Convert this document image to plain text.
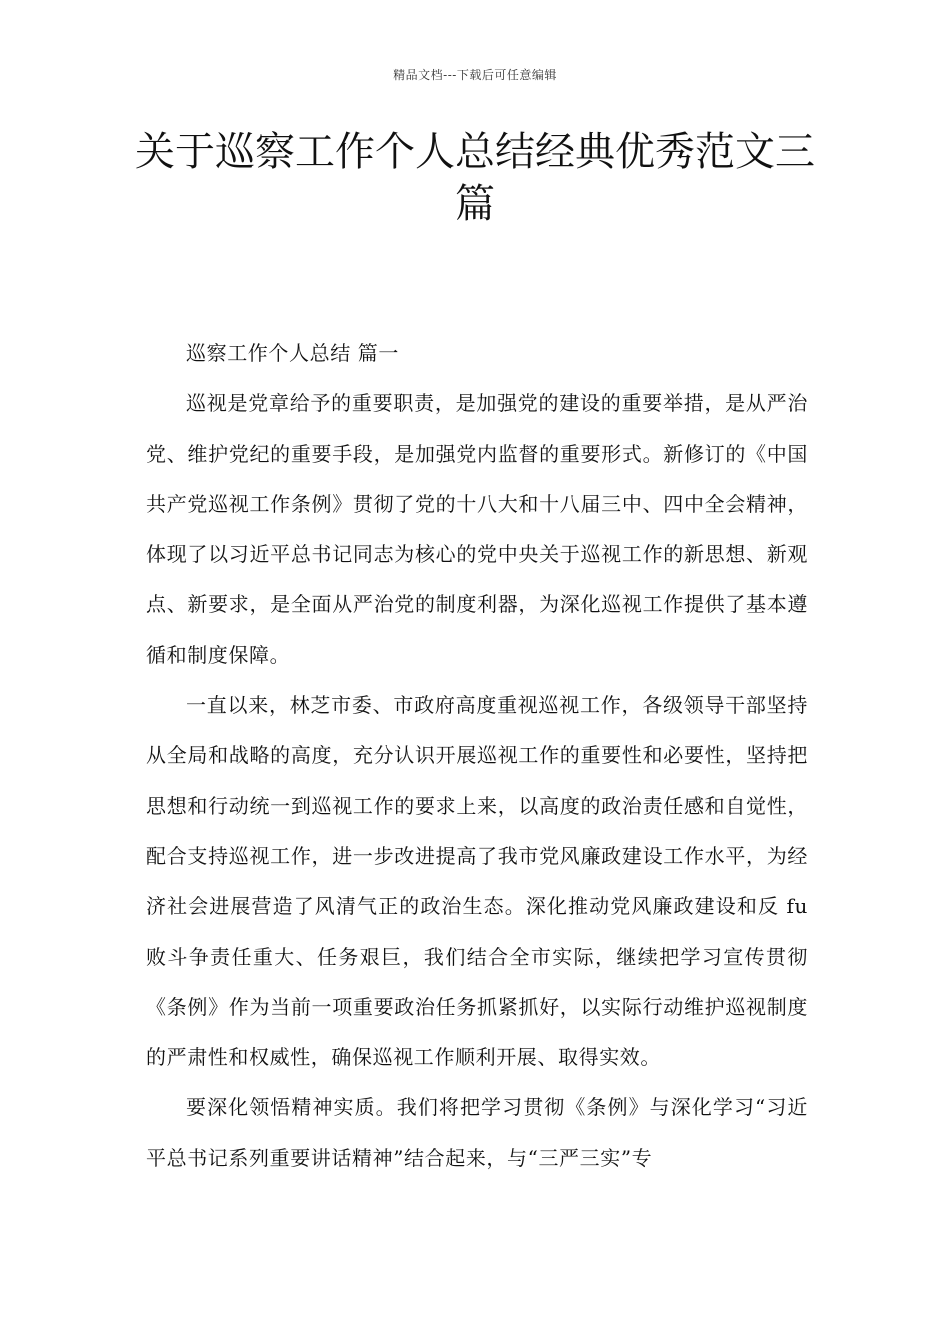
精品文档---下载后可任意编辑
关于巡察工作个人总结经典优秀范文三篇

巡察工作个人总结 篇一

巡视是党章给予的重要职责，是加强党的建设的重要举措，是从严治党、维护党纪的重要手段，是加强党内监督的重要形式。新修订的《中国共产党巡视工作条例》贯彻了党的十八大和十八届三中、四中全会精神，体现了以习近平总书记同志为核心的党中央关于巡视工作的新思想、新观点、新要求，是全面从严治党的制度利器，为深化巡视工作提供了基本遵循和制度保障。

一直以来，林芝市委、市政府高度重视巡视工作，各级领导干部坚持从全局和战略的高度，充分认识开展巡视工作的重要性和必要性，坚持把思想和行动统一到巡视工作的要求上来，以高度的政治责任感和自觉性，配合支持巡视工作，进一步改进提高了我市党风廉政建设工作水平，为经济社会进展营造了风清气正的政治生态。深化推动党风廉政建设和反 fu 败斗争责任重大、任务艰巨，我们结合全市实际，继续把学习宣传贯彻《条例》作为当前一项重要政治任务抓紧抓好，以实际行动维护巡视制度的严肃性和权威性，确保巡视工作顺利开展、取得实效。

要深化领悟精神实质。我们将把学习贯彻《条例》与深化学习“习近平总书记系列重要讲话精神”结合起来，与“三严三实”专
